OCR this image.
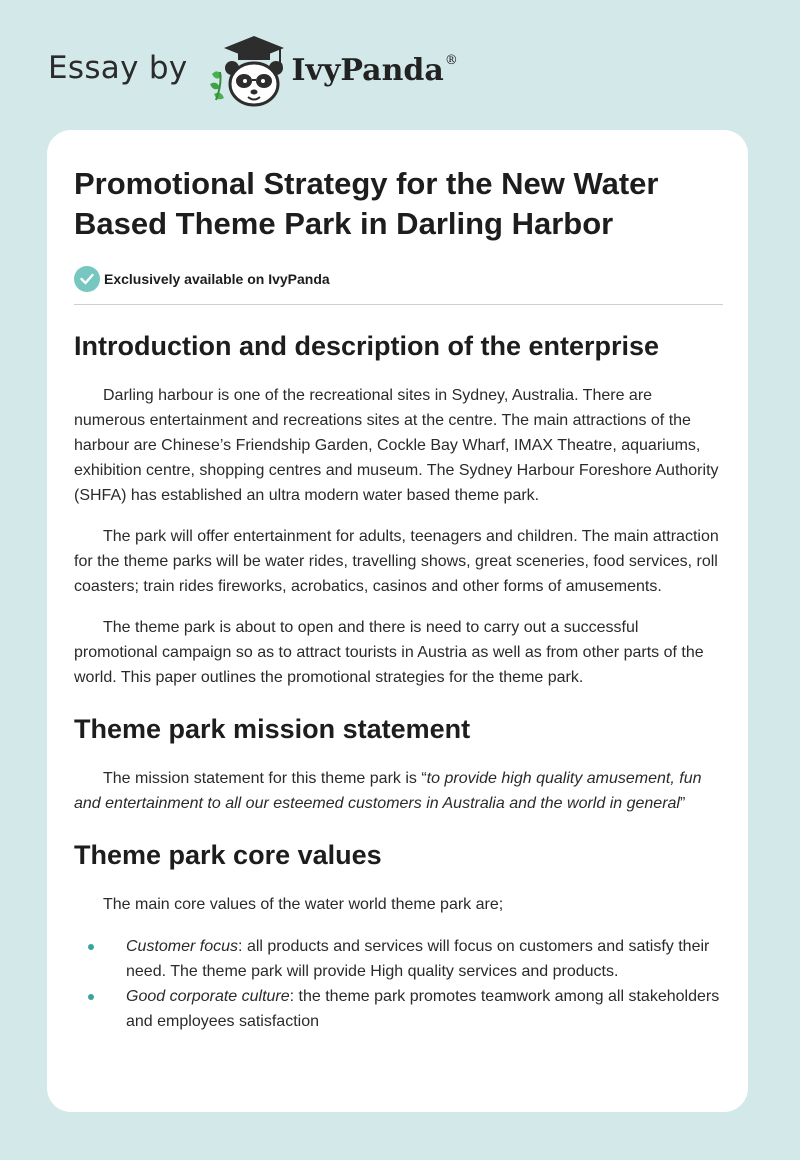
Essay by	IvyPanda®
Promotional Strategy for the New Water Based Theme Park in Darling Harbor
Exclusively available on IvyPanda
Introduction and description of the enterprise

Darling harbour is one of the recreational sites in Sydney, Australia. There are numerous entertainment and recreations sites at the centre. The main attractions of the harbour are Chinese’s Friendship Garden, Cockle Bay Wharf, IMAX Theatre, aquariums, exhibition centre, shopping centres and museum. The Sydney Harbour Foreshore Authority (SHFA) has established an ultra modern water based theme park.

The park will offer entertainment for adults, teenagers and children. The main attraction for the theme parks will be water rides, travelling shows, great sceneries, food services, roll coasters; train rides fireworks, acrobatics, casinos and other forms of amusements.

The theme park is about to open and there is need to carry out a successful promotional campaign so as to attract tourists in Austria as well as from other parts of the world. This paper outlines the promotional strategies for the theme park.

Theme park mission statement

The mission statement for this theme park is “to provide high quality amusement, fun and entertainment to all our esteemed customers in Australia and the world in general”

Theme park core values

The main core values of the water world theme park are;

Customer focus: all products and services will focus on customers and satisfy their need. The theme park will provide High quality services and products.
Good corporate culture: the theme park promotes teamwork among all stakeholders and employees satisfaction
